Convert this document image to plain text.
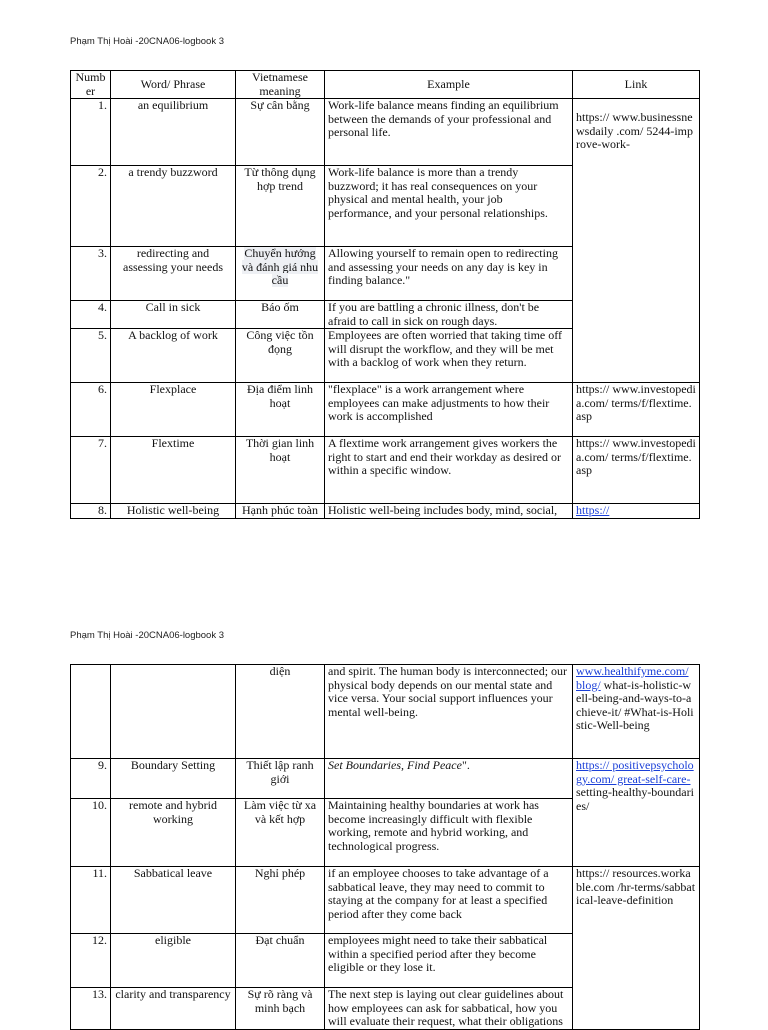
Phạm Thị Hoài -20CNA06-logbook 3
Number	Word/ Phrase	Vietnamese meaning	Example	Link
1.	an equilibrium	Sự cân bằng	Work-life balance means finding an equilibrium between the demands of your professional and personal life.	https:// www.businessnewsdaily .com/ 5244-improve-work-
2.	a trendy buzzword	Từ thông dụng hợp trend	Work-life balance is more than a trendy buzzword; it has real consequences on your physical and mental health, your job performance, and your personal relationships.	
3.	redirecting and assessing your needs	Chuyển hướng và đánh giá nhu cầu	Allowing yourself to remain open to redirecting and assessing your needs on any day is key in finding balance."	
4.	Call in sick	Báo ốm	If you are battling a chronic illness, don't be afraid to call in sick on rough days.	
5.	A backlog of work	Công việc tồn đọng	Employees are often worried that taking time off will disrupt the workflow, and they will be met with a backlog of work when they return.	
6.	Flexplace	Địa điểm linh hoạt	"flexplace" is a work arrangement where employees can make adjustments to how their work is accomplished	https:// www.investopedia.com/ terms/f/flextime.asp
7.	Flextime	Thời gian linh hoạt	A flextime work arrangement gives workers the right to start and end their workday as desired or within a specific window.	https:// www.investopedia.com/ terms/f/flextime.asp
8.	Holistic well-being	Hạnh phúc toàn	Holistic well-being includes body, mind, social,	https://
Phạm Thị Hoài -20CNA06-logbook 3
		diện	and spirit. The human body is interconnected; our physical body depends on our mental state and vice versa. Your social support influences your mental well-being.	www.healthifyme.com/ blog/ what-is-holistic-well-being-and-ways-to-achieve-it/ #What-is-Holistic-Well-being
9.	Boundary Setting	Thiết lập ranh giới	Set Boundaries, Find Peace".	https:// positivepsychology.com/ great-self-care- setting-healthy-boundaries/
10.	remote and hybrid working	Làm việc từ xa và kết hợp	Maintaining healthy boundaries at work has become increasingly difficult with flexible working, remote and hybrid working, and technological progress.	
11.	Sabbatical leave	Nghỉ phép	if an employee chooses to take advantage of a sabbatical leave, they may need to commit to staying at the company for at least a specified period after they come back	https:// resources.workable.com /hr-terms/sabbatical-leave-definition
12.	eligible	Đạt chuẩn	employees might need to take their sabbatical within a specified period after they become eligible or they lose it.	
13.	clarity and transparency	Sự rõ ràng và minh bạch	The next step is laying out clear guidelines about how employees can ask for sabbatical, how you will evaluate their request, what their obligations	
